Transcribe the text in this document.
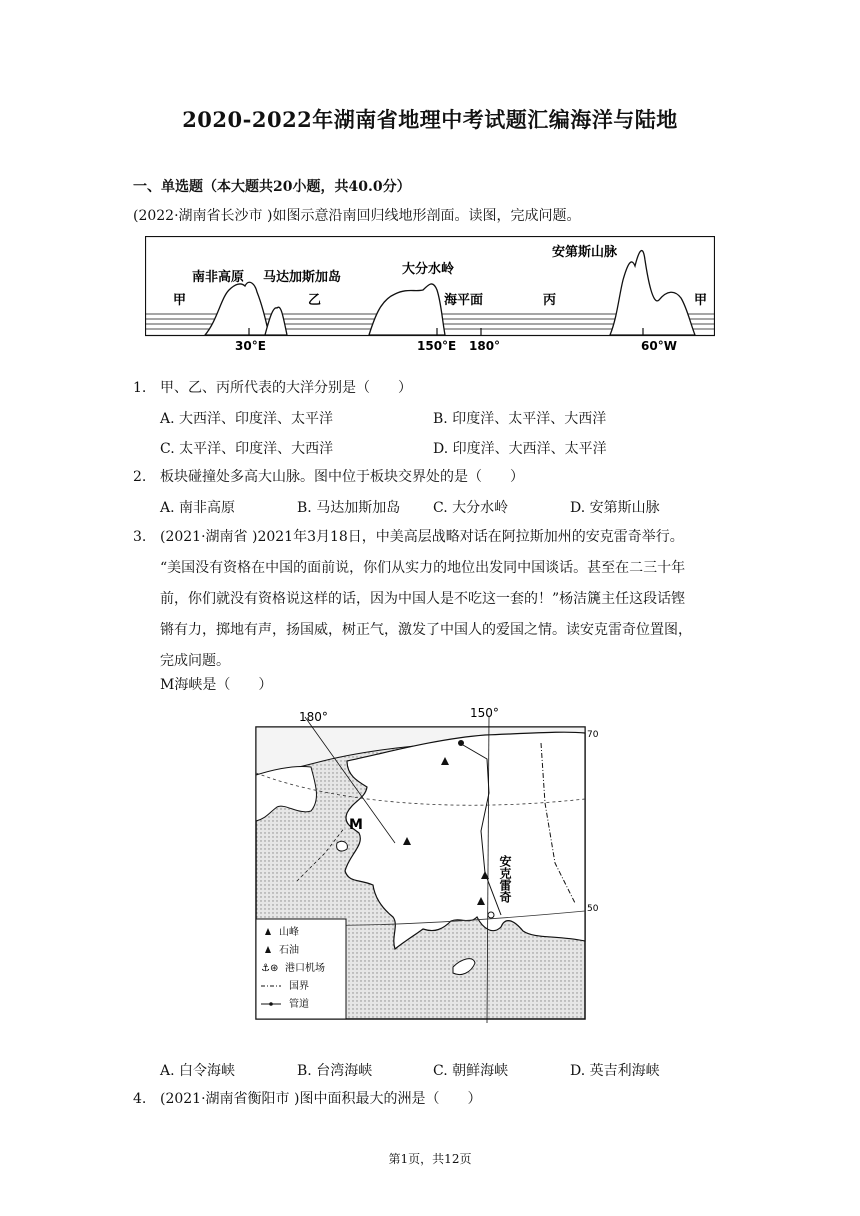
2020-2022年湖南省地理中考试题汇编海洋与陆地
一、单选题（本大题共20小题，共40.0分）
(2022·湖南省长沙市 )如图示意沿南回归线地形剖面。读图，完成问题。
甲
南非高原 马达加斯加岛
乙
大分水岭
海平面	丙
安第斯山脉
甲
30°E	150°E 180°	60°W
1. 甲、乙、丙所代表的大洋分别是（　　）
A. 大西洋、印度洋、太平洋	B. 印度洋、太平洋、大西洋
C. 太平洋、印度洋、大西洋	D. 印度洋、大西洋、太平洋
2. 板块碰撞处多高大山脉。图中位于板块交界处的是（　　）
A. 南非高原	B. 马达加斯加岛 C. 大分水岭	D. 安第斯山脉
3. (2021·湖南省 )2021年3月18日，中美高层战略对话在阿拉斯加州的安克雷奇举行。
“美国没有资格在中国的面前说，你们从实力的地位出发同中国谈话。甚至在二三十年
前，你们就没有资格说这样的话，因为中国人是不吃这一套的！”杨洁篪主任这段话铿
锵有力，掷地有声，扬国威，树正气，激发了中国人的爱国之情。读安克雷奇位置图，
完成问题。
M海峡是（　　）
180°	150°
70
50
M
安克雷奇
山峰
石油
⚓⊛ 港口机场
国界
管道
A. 白令海峡	B. 台湾海峡	C. 朝鲜海峡	D. 英吉利海峡
4. (2021·湖南省衡阳市 )图中面积最大的洲是（　　）
第1页，共12页
